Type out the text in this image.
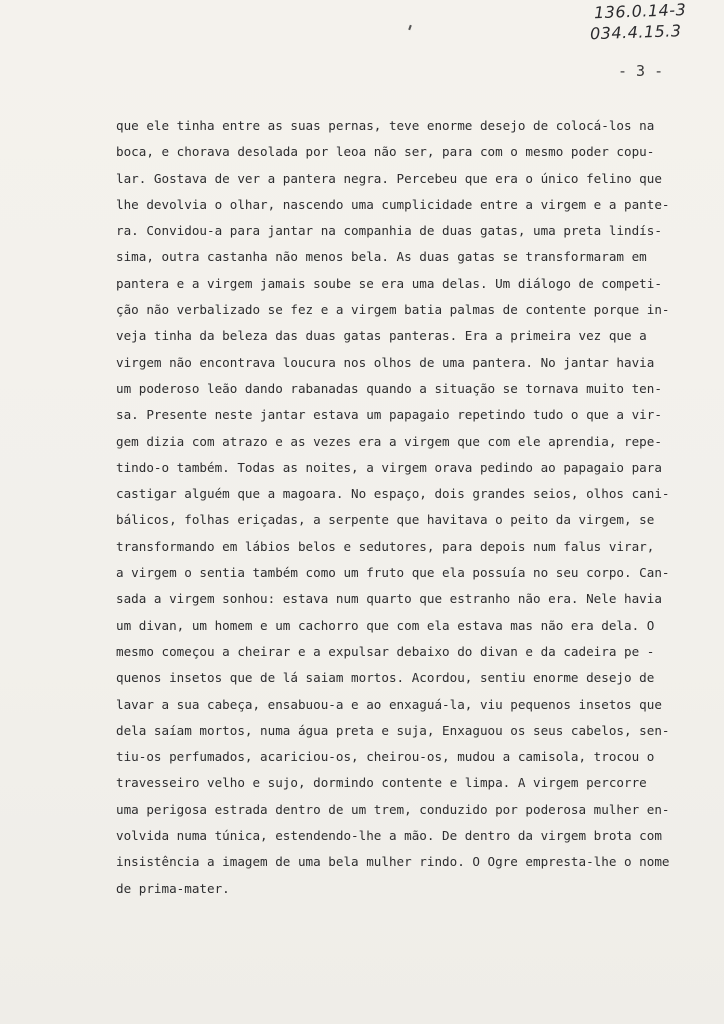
136.0.14-3
034.4.15.3
- 3 -
que ele tinha entre as suas pernas, teve enorme desejo de colocá-los na
boca, e chorava desolada por leoa não ser, para com o mesmo poder copu-
lar. Gostava de ver a pantera negra. Percebeu que era o único felino que
lhe devolvia o olhar, nascendo uma cumplicidade entre a virgem e a pante-
ra. Convidou-a para jantar na companhia de duas gatas, uma preta lindís-
sima, outra castanha não menos bela. As duas gatas se transformaram em
pantera e a virgem jamais soube se era uma delas. Um diálogo de competi-
ção não verbalizado se fez e a virgem batia palmas de contente porque in-
veja tinha da beleza das duas gatas panteras. Era a primeira vez que a
virgem não encontrava loucura nos olhos de uma pantera. No jantar havia
um poderoso leão dando rabanadas quando a situação se tornava muito ten-
sa. Presente neste jantar estava um papagaio repetindo tudo o que a vir-
gem dizia com atrazo e as vezes era a virgem que com ele aprendia, repe-
tindo-o também. Todas as noites, a virgem orava pedindo ao papagaio para
castigar alguém que a magoara. No espaço, dois grandes seios, olhos cani-
bálicos, folhas eriçadas, a serpente que havitava o peito da virgem, se
transformando em lábios belos e sedutores, para depois num falus virar,
a virgem o sentia também como um fruto que ela possuía no seu corpo. Can-
sada a virgem sonhou: estava num quarto que estranho não era. Nele havia
um divan, um homem e um cachorro que com ela estava mas não era dela. O
mesmo começou a cheirar e a expulsar debaixo do divan e da cadeira pe -
quenos insetos que de lá saiam mortos. Acordou, sentiu enorme desejo de
lavar a sua cabeça, ensabuou-a e ao enxaguá-la, viu pequenos insetos que
dela saíam mortos, numa água preta e suja, Enxaguou os seus cabelos, sen-
tiu-os perfumados, acariciou-os, cheirou-os, mudou a camisola, trocou o
travesseiro velho e sujo, dormindo contente e limpa. A virgem percorre
uma perigosa estrada dentro de um trem, conduzido por poderosa mulher en-
volvida numa túnica, estendendo-lhe a mão. De dentro da virgem brota com
insistência a imagem de uma bela mulher rindo. O Ogre empresta-lhe o nome
de prima-mater.
